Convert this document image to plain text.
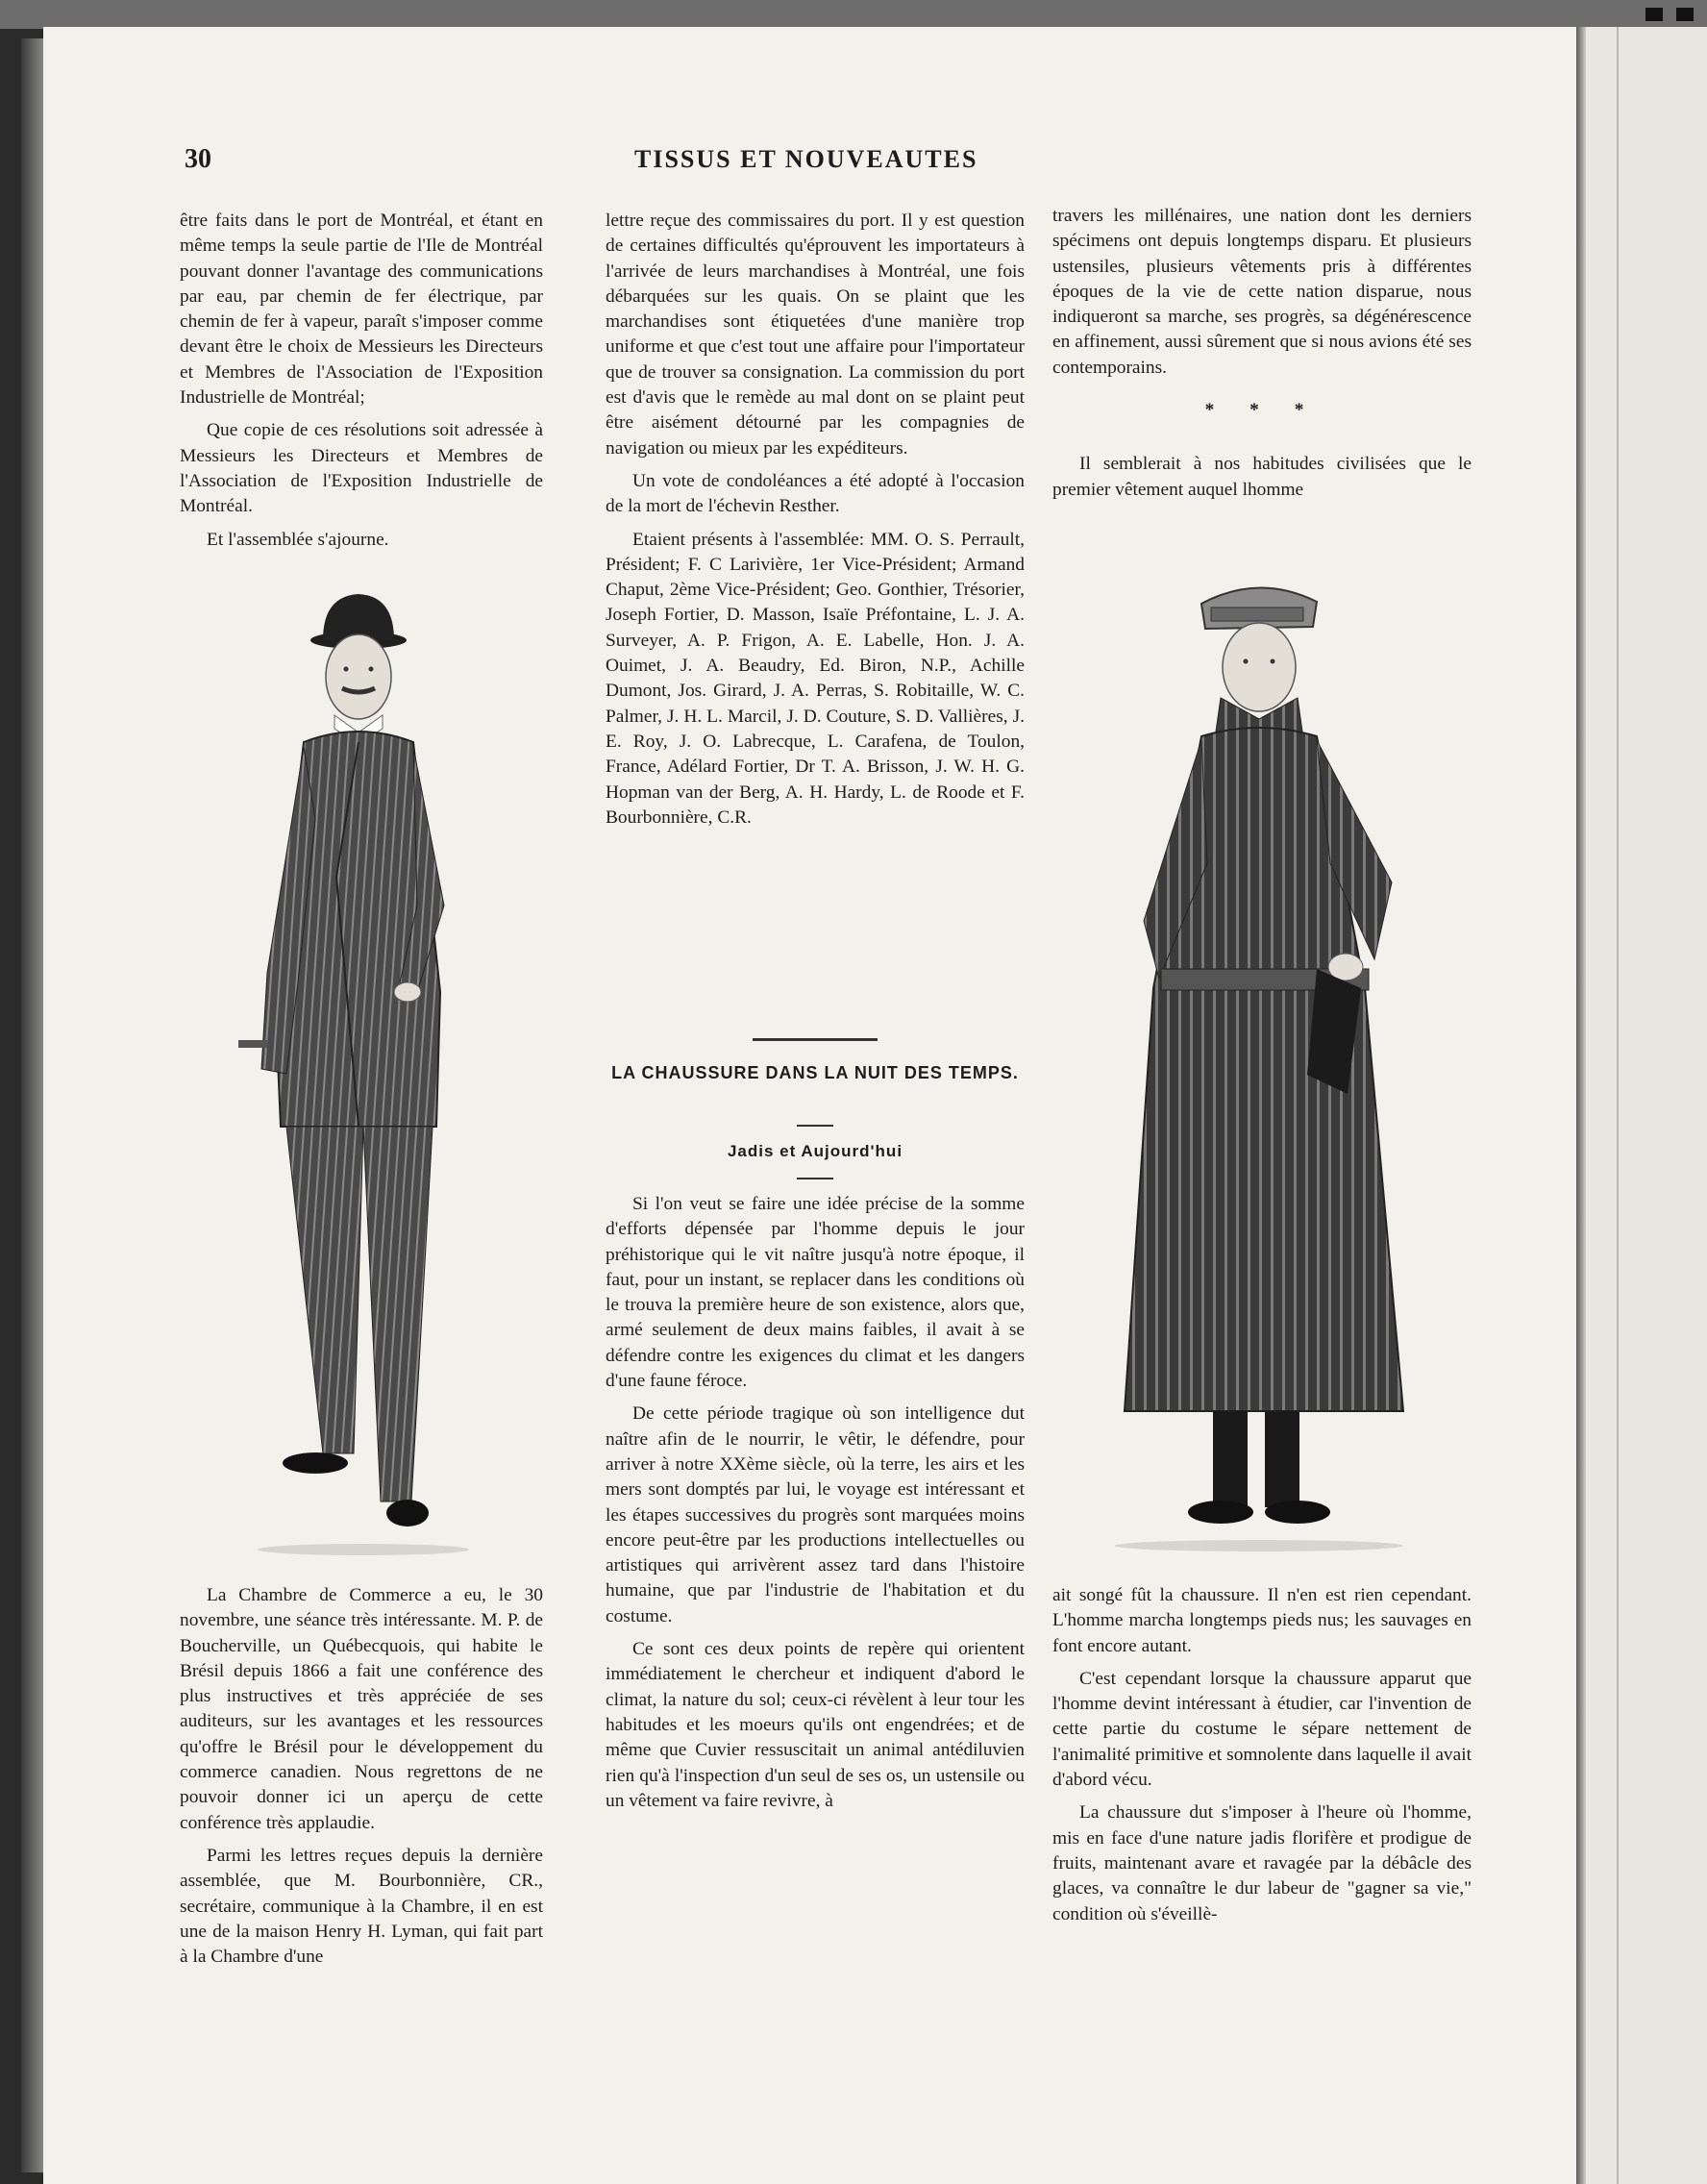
30	TISSUS ET NOUVEAUTES

être faits dans le port de Montréal, et étant en même temps la seule partie de l'Ile de Montréal pouvant donner l'avantage des communications par eau, par chemin de fer électrique, par chemin de fer à vapeur, paraît s'imposer comme devant être le choix de Messieurs les Directeurs et Membres de l'Association de l'Exposition Industrielle de Montréal;

Que copie de ces résolutions soit adressée à Messieurs les Directeurs et Membres de l'Association de l'Exposition Industrielle de Montréal.

Et l'assemblée s'ajourne.

La Chambre de Commerce a eu, le 30 novembre, une séance très intéressante. M. P. de Boucherville, un Québecquois, qui habite le Brésil depuis 1866 a fait une conférence des plus instructives et très appréciée de ses auditeurs, sur les avantages et les ressources qu'offre le Brésil pour le développement du commerce canadien. Nous regrettons de ne pouvoir donner ici un aperçu de cette conférence très applaudie.

Parmi les lettres reçues depuis la dernière assemblée, que M. Bourbonnière, CR., secrétaire, communique à la Chambre, il en est une de la maison Henry H. Lyman, qui fait part à la Chambre d'une

lettre reçue des commissaires du port. Il y est question de certaines difficultés qu'éprouvent les importateurs à l'arrivée de leurs marchandises à Montréal, une fois débarquées sur les quais. On se plaint que les marchandises sont étiquetées d'une manière trop uniforme et que c'est tout une affaire pour l'importateur que de trouver sa consignation. La commission du port est d'avis que le remède au mal dont on se plaint peut être aisément détourné par les compagnies de navigation ou mieux par les expéditeurs.

Un vote de condoléances a été adopté à l'occasion de la mort de l'échevin Resther.

Etaient présents à l'assemblée: MM. O. S. Perrault, Président; F. C Larivière, 1er Vice-Président; Armand Chaput, 2ème Vice-Président; Geo. Gonthier, Trésorier, Joseph Fortier, D. Masson, Isaïe Préfontaine, L. J. A. Surveyer, A. P. Frigon, A. E. Labelle, Hon. J. A. Ouimet, J. A. Beaudry, Ed. Biron, N.P., Achille Dumont, Jos. Girard, J. A. Perras, S. Robitaille, W. C. Palmer, J. H. L. Marcil, J. D. Couture, S. D. Vallières, J. E. Roy, J. O. Labrecque, L. Carafena, de Toulon, France, Adélard Fortier, Dr T. A. Brisson, J. W. H. G. Hopman van der Berg, A. H. Hardy, L. de Roode et F. Bourbonnière, C.R.

LA CHAUSSURE DANS LA NUIT DES TEMPS.
Jadis et Aujourd'hui

Si l'on veut se faire une idée précise de la somme d'efforts dépensée par l'homme depuis le jour préhistorique qui le vit naître jusqu'à notre époque, il faut, pour un instant, se replacer dans les conditions où le trouva la première heure de son existence, alors que, armé seulement de deux mains faibles, il avait à se défendre contre les exigences du climat et les dangers d'une faune féroce.

De cette période tragique où son intelligence dut naître afin de le nourrir, le vêtir, le défendre, pour arriver à notre XXème siècle, où la terre, les airs et les mers sont domptés par lui, le voyage est intéressant et les étapes successives du progrès sont marquées moins encore peut-être par les productions intellectuelles ou artistiques qui arrivèrent assez tard dans l'histoire humaine, que par l'industrie de l'habitation et du costume.

Ce sont ces deux points de repère qui orientent immédiatement le chercheur et indiquent d'abord le climat, la nature du sol; ceux-ci révèlent à leur tour les habitudes et les moeurs qu'ils ont engendrées; et de même que Cuvier ressuscitait un animal antédiluvien rien qu'à l'inspection d'un seul de ses os, un ustensile ou un vêtement va faire revivre, à

travers les millénaires, une nation dont les derniers spécimens ont depuis longtemps disparu. Et plusieurs ustensiles, plusieurs vêtements pris à différentes époques de la vie de cette nation disparue, nous indiqueront sa marche, ses progrès, sa dégénérescence en affinement, aussi sûrement que si nous avions été ses contemporains.

* * *

Il semblerait à nos habitudes civilisées que le premier vêtement auquel lhomme

ait songé fût la chaussure. Il n'en est rien cependant. L'homme marcha longtemps pieds nus; les sauvages en font encore autant.

C'est cependant lorsque la chaussure apparut que l'homme devint intéressant à étudier, car l'invention de cette partie du costume le sépare nettement de l'animalité primitive et somnolente dans laquelle il avait d'abord vécu.

La chaussure dut s'imposer à l'heure où l'homme, mis en face d'une nature jadis florifère et prodigue de fruits, maintenant avare et ravagée par la débâcle des glaces, va connaître le dur labeur de "gagner sa vie," condition où s'éveillè-
